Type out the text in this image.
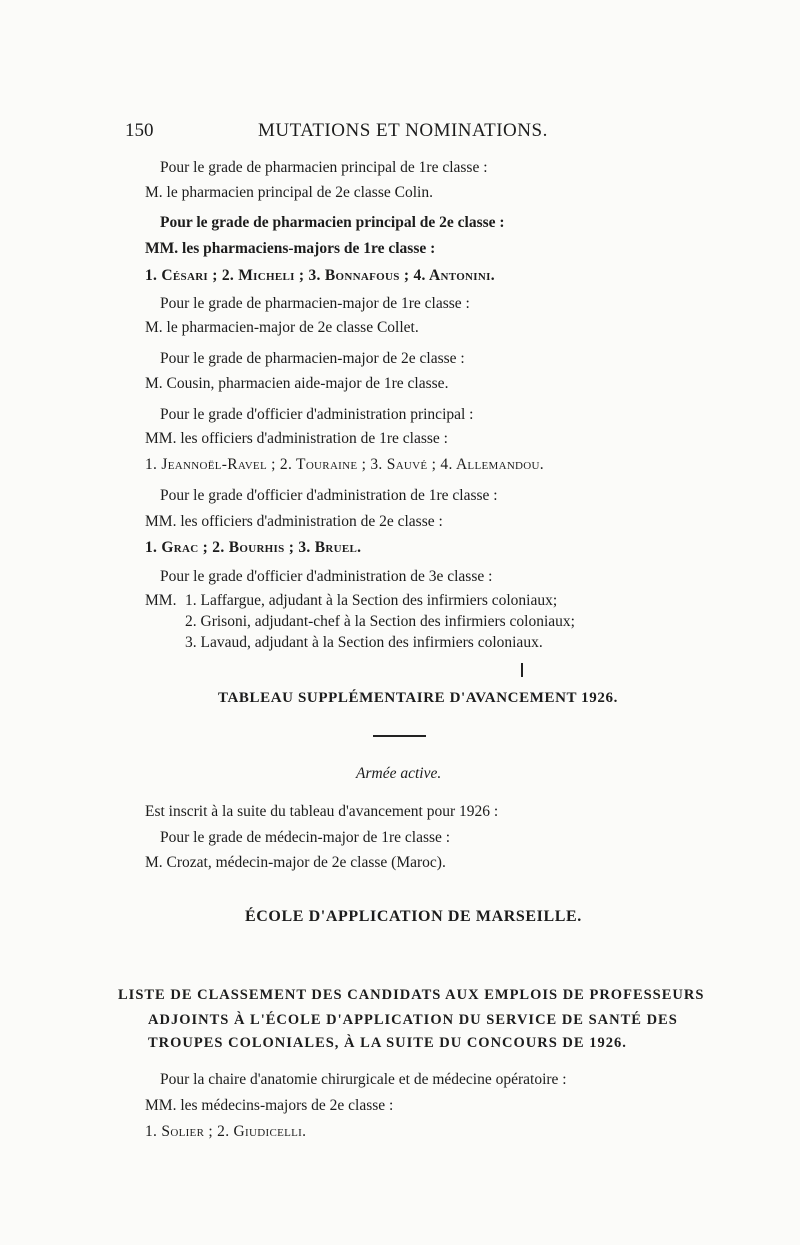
150	MUTATIONS ET NOMINATIONS.
Pour le grade de pharmacien principal de 1re classe :
M. le pharmacien principal de 2e classe Colin.
Pour le grade de pharmacien principal de 2e classe :
MM. les pharmaciens-majors de 1re classe :
1. Césari ; 2. Micheli ; 3. Bonnafous ; 4. Antonini.
Pour le grade de pharmacien-major de 1re classe :
M. le pharmacien-major de 2e classe Collet.
Pour le grade de pharmacien-major de 2e classe :
M. Cousin, pharmacien aide-major de 1re classe.
Pour le grade d'officier d'administration principal :
MM. les officiers d'administration de 1re classe :
1. Jeannoël-Ravel ; 2. Touraine ; 3. Sauvé ; 4. Allemandou.
Pour le grade d'officier d'administration de 1re classe :
MM. les officiers d'administration de 2e classe :
1. Grac ; 2. Bourhis ; 3. Bruel.
Pour le grade d'officier d'administration de 3e classe :
MM. 1. Laffargue, adjudant à la Section des infirmiers coloniaux;
2. Grisoni, adjudant-chef à la Section des infirmiers coloniaux;
3. Lavaud, adjudant à la Section des infirmiers coloniaux.
TABLEAU SUPPLÉMENTAIRE D'AVANCEMENT 1926.
Armée active.
Est inscrit à la suite du tableau d'avancement pour 1926 :
Pour le grade de médecin-major de 1re classe :
M. Crozat, médecin-major de 2e classe (Maroc).
ÉCOLE D'APPLICATION DE MARSEILLE.
LISTE DE CLASSEMENT DES CANDIDATS AUX EMPLOIS DE PROFESSEURS
ADJOINTS À L'ÉCOLE D'APPLICATION DU SERVICE DE SANTÉ DES
TROUPES COLONIALES, À LA SUITE DU CONCOURS DE 1926.
Pour la chaire d'anatomie chirurgicale et de médecine opératoire :
MM. les médecins-majors de 2e classe :
1. Solier ; 2. Giudicelli.
